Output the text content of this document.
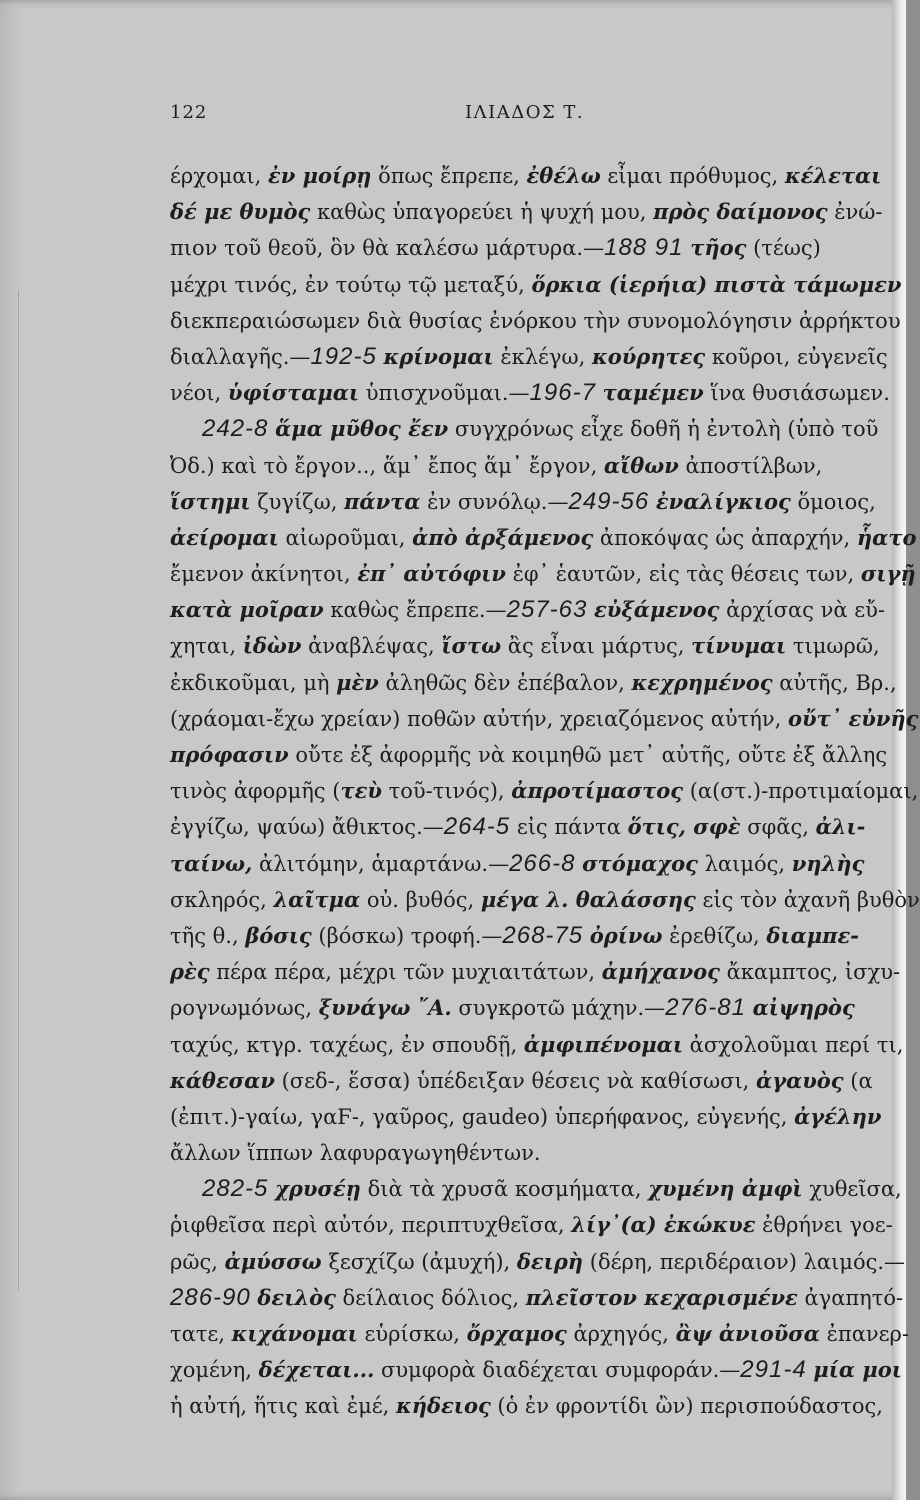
122	ΙΛΙΑΔΟΣ Τ.
έρχομαι, ἐν μοίρῃ ὅπως ἔπρεπε, ἐθέλω εἶμαι πρόθυμος, κέλεται
δέ με θυμὸς καθὼς ὑπαγορεύει ἡ ψυχή μου, πρὸς δαίμονος ἐνώ-
πιον τοῦ θεοῦ, ὃν θὰ καλέσω μάρτυρα.—188 91 τῆος (τέως)
μέχρι τινός, ἐν τούτῳ τῷ μεταξύ, ὅρκια (ἱερήια) πιστὰ τάμωμεν
διεκπεραιώσωμεν διὰ θυσίας ἐνόρκου τὴν συνομολόγησιν ἀρρήκτου
διαλλαγῆς.—192-5 κρίνομαι ἐκλέγω, κούρητες κοῦροι, εὐγενεῖς
νέοι, ὑφίσταμαι ὑπισχνοῦμαι.—196-7 ταμέμεν ἵνα θυσιάσωμεν.
242-8 ἅμα μῦθος ἔεν συγχρόνως εἶχε δοθῆ ἡ ἐντολὴ (ὑπὸ τοῦ
Ὀδ.) καὶ τὸ ἔργον.., ἅμ᾽ ἔπος ἅμ᾽ ἔργον, αἴθων ἀποστίλβων,
ἵστημι ζυγίζω, πάντα ἐν συνόλῳ.—249-56 ἐναλίγκιος ὅμοιος,
ἀείρομαι αἰωροῦμαι, ἀπὸ ἀρξάμενος ἀποκόψας ὡς ἀπαρχήν, ἧατο
ἔμενον ἀκίνητοι, ἐπ᾽ αὐτόφιν ἐφ᾽ ἑαυτῶν, εἰς τὰς θέσεις των, σιγῇ
κατὰ μοῖραν καθὼς ἔπρεπε.—257-63 εὐξάμενος ἀρχίσας νὰ εὔ-
χηται, ἰδὼν ἀναβλέψας, ἴστω ἂς εἶναι μάρτυς, τίνυμαι τιμωρῶ,
ἐκδικοῦμαι, μὴ μὲν ἀληθῶς δὲν ἐπέβαλον, κεχρημένος αὐτῆς, Βρ.,
(χράομαι-ἔχω χρείαν) ποθῶν αὐτήν, χρειαζόμενος αὐτήν, οὔτ᾽ εὐνῆς
πρόφασιν οὔτε ἐξ ἀφορμῆς νὰ κοιμηθῶ μετ᾽ αὐτῆς, οὔτε ἐξ ἄλλης
τινὸς ἀφορμῆς (τεὺ τοῦ-τινός), ἀπροτίμαστος (α(στ.)-προτιμαίομαι,
ἐγγίζω, ψαύω) ἄθικτος.—264-5 εἰς πάντα ὅτις, σφὲ σφᾶς, ἀλι-
ταίνω, ἀλιτόμην, ἁμαρτάνω.—266-8 στόμαχος λαιμός, νηλὴς
σκληρός, λαῖτμα οὐ. βυθός, μέγα λ. θαλάσσης εἰς τὸν ἀχανῆ βυθὸν
τῆς θ., βόσις (βόσκω) τροφή.—268-75 ὀρίνω ἐρεθίζω, διαμπε-
ρὲς πέρα πέρα, μέχρι τῶν μυχιαιτάτων, ἀμήχανος ἄκαμπτος, ἰσχυ-
ρογνωμόνως, ξυνάγω ῎Α. συγκροτῶ μάχην.—276-81 αἰψηρὸς
ταχύς, κτγρ. ταχέως, ἐν σπουδῇ, ἀμφιπένομαι ἀσχολοῦμαι περί τι,
κάθεσαν (σεδ-, ἕσσα) ὑπέδειξαν θέσεις νὰ καθίσωσι, ἀγαυὸς (α
(ἐπιτ.)-γαίω, γαϜ-, γαῦρος, gaudeo) ὑπερήφανος, εὐγενής, ἀγέλην
ἄλλων ἵππων λαφυραγωγηθέντων.
282-5 χρυσέῃ διὰ τὰ χρυσᾶ κοσμήματα, χυμένη ἀμφὶ χυθεῖσα,
ῥιφθεῖσα περὶ αὐτόν, περιπτυχθεῖσα, λίγ᾽(α) ἐκώκυε ἐθρήνει γοε-
ρῶς, ἀμύσσω ξεσχίζω (ἀμυχή), δειρὴ (δέρη, περιδέραιον) λαιμός.—
286-90 δειλὸς δείλαιος δόλιος, πλεῖστον κεχαρισμένε ἀγαπητό-
τατε, κιχάνομαι εὑρίσκω, ὄρχαμος ἀρχηγός, ἂψ ἀνιοῦσα ἐπανερ-
χομένη, δέχεται... συμφορὰ διαδέχεται συμφοράν.—291-4 μία μοι
ἡ αὐτή, ἥτις καὶ ἐμέ, κήδειος (ὁ ἐν φροντίδι ὢν) περισπούδαστος,
